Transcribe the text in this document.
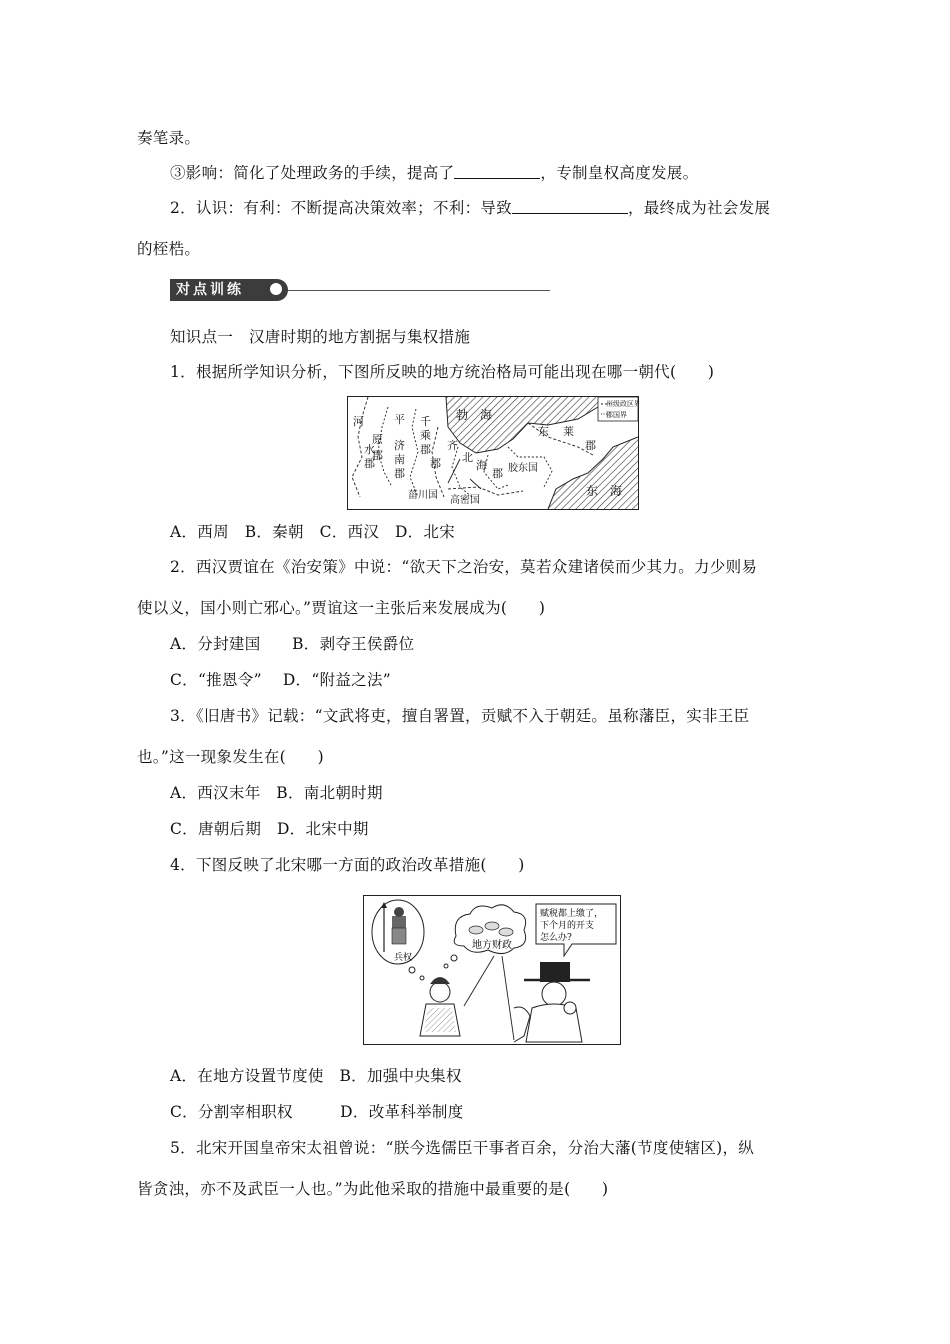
奏笔录。
③影响：简化了处理政务的手续，提高了	，专制皇权高度发展。
2．认识：有利：不断提高决策效率；不利：导致	，最终成为社会发展
的桎梏。
对点训练
知识点一　汉唐时期的地方割据与集权措施
1．根据所学知识分析，下图所反映的地方统治格局可能出现在哪一朝代(　　)
州级政区界
郡国界
河
水
郡
平
原
郡
济
南
郡
千
乘
郡
勃　海
齐
郡 北
海
郡
菑川国 高密国
胶东国
东 莱
郡
东　海
A．西周　B．秦朝　C．西汉　D．北宋
2．西汉贾谊在《治安策》中说：“欲天下之治安，莫若众建诸侯而少其力。力少则易
使以义，国小则亡邪心。”贾谊这一主张后来发展成为(　　)
A．分封建国　　B．剥夺王侯爵位
C．“推恩令”　 D．“附益之法”
3．《旧唐书》记载：“文武将吏，擅自署置，贡赋不入于朝廷。虽称藩臣，实非王臣
也。”这一现象发生在(　　)
A．西汉末年　B．南北朝时期
C．唐朝后期　D．北宋中期
4．下图反映了北宋哪一方面的政治改革措施(　　)
兵权
地方财政
赋税都上缴了，
下个月的开支
怎么办?
A．在地方设置节度使　B．加强中央集权
C．分割宰相职权　　　D．改革科举制度
5．北宋开国皇帝宋太祖曾说：“朕今选儒臣干事者百余，分治大藩(节度使辖区)，纵
皆贪浊，亦不及武臣一人也。”为此他采取的措施中最重要的是(　　)
